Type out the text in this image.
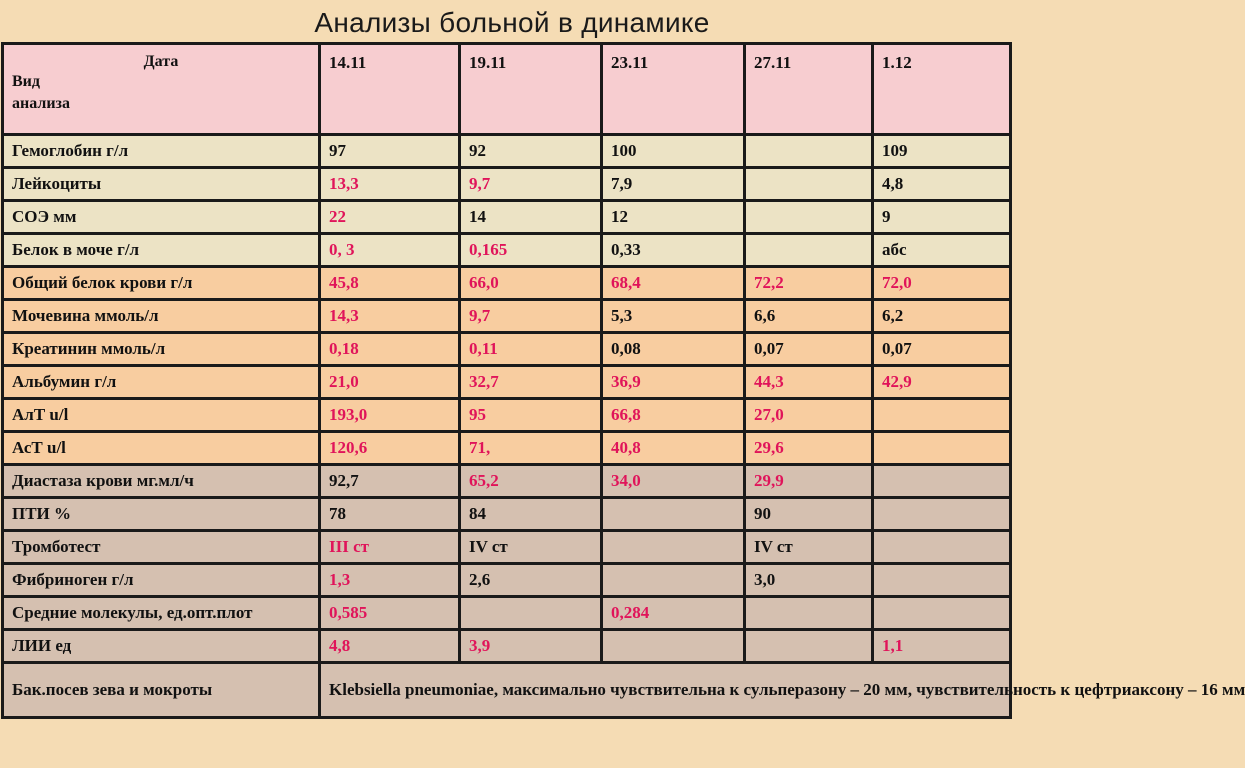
Анализы больной в динамике
Дата
Вид
анализа	14.11	19.11	23.11	27.11	1.12
Гемоглобин г/л	97	92	100		109
Лейкоциты	13,3	9,7	7,9		4,8
СОЭ мм	22	14	12		9
Белок в моче г/л	0, 3	0,165	0,33		абс
Общий белок крови г/л	45,8	66,0	68,4	72,2	72,0
Мочевина ммоль/л	14,3	9,7	5,3	6,6	6,2
Креатинин ммоль/л	0,18	0,11	0,08	0,07	0,07
Альбумин г/л	21,0	32,7	36,9	44,3	42,9
АлТ u/l	193,0	95	66,8	27,0	
АсТ u/l	120,6	71,	40,8	29,6	
Диастаза крови мг.мл/ч	92,7	65,2	34,0	29,9	
ПТИ %	78	84		90	
Тромботест	III ст	IV ст		IV ст	
Фибриноген г/л	1,3	2,6		3,0	
Средние молекулы, ед.опт.плот	0,585		0,284		
ЛИИ ед	4,8	3,9			1,1
Бак.посев зева и мокроты	Klebsiella pneumoniae, максимально чувствительна к сульперазону – 20 мм, чувствительность к цефтриаксону – 16 мм				
